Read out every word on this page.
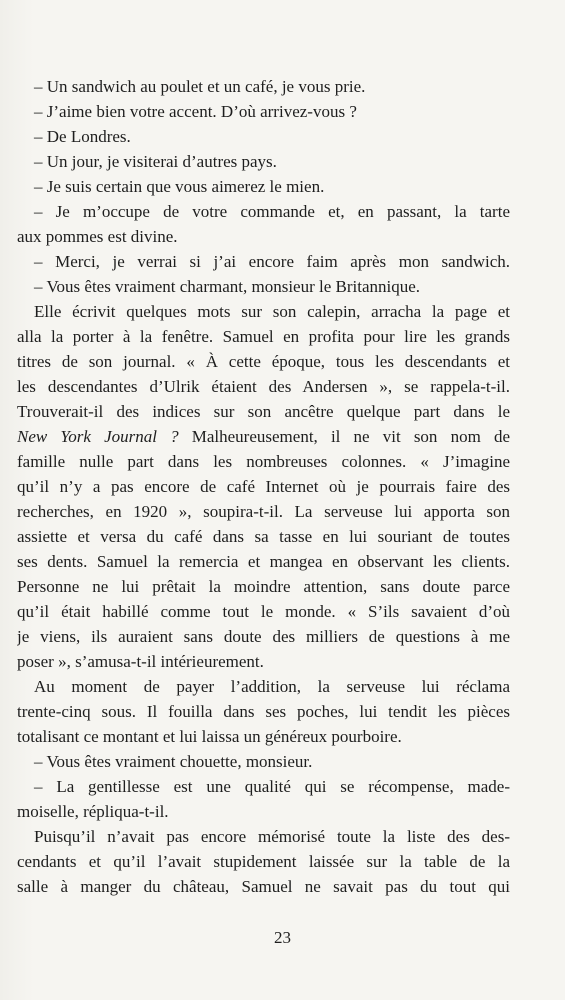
– Un sandwich au poulet et un café, je vous prie.
– J’aime bien votre accent. D’où arrivez-vous ?
– De Londres.
– Un jour, je visiterai d’autres pays.
– Je suis certain que vous aimerez le mien.
– Je m’occupe de votre commande et, en passant, la tarte
aux pommes est divine.
– Merci, je verrai si j’ai encore faim après mon sandwich.
– Vous êtes vraiment charmant, monsieur le Britannique.
Elle écrivit quelques mots sur son calepin, arracha la page et
alla la porter à la fenêtre. Samuel en profita pour lire les grands
titres de son journal. « À cette époque, tous les descendants et
les descendantes d’Ulrik étaient des Andersen », se rappela-t-il.
Trouverait-il des indices sur son ancêtre quelque part dans le
New York Journal ? Malheureusement, il ne vit son nom de
famille nulle part dans les nombreuses colonnes. « J’imagine
qu’il n’y a pas encore de café Internet où je pourrais faire des
recherches, en 1920 », soupira-t-il. La serveuse lui apporta son
assiette et versa du café dans sa tasse en lui souriant de toutes
ses dents. Samuel la remercia et mangea en observant les clients.
Personne ne lui prêtait la moindre attention, sans doute parce
qu’il était habillé comme tout le monde. « S’ils savaient d’où
je viens, ils auraient sans doute des milliers de questions à me
poser », s’amusa-t-il intérieurement.
Au moment de payer l’addition, la serveuse lui réclama
trente-cinq sous. Il fouilla dans ses poches, lui tendit les pièces
totalisant ce montant et lui laissa un généreux pourboire.
– Vous êtes vraiment chouette, monsieur.
– La gentillesse est une qualité qui se récompense, made-
moiselle, répliqua-t-il.
Puisqu’il n’avait pas encore mémorisé toute la liste des des-
cendants et qu’il l’avait stupidement laissée sur la table de la
salle à manger du château, Samuel ne savait pas du tout qui
23
